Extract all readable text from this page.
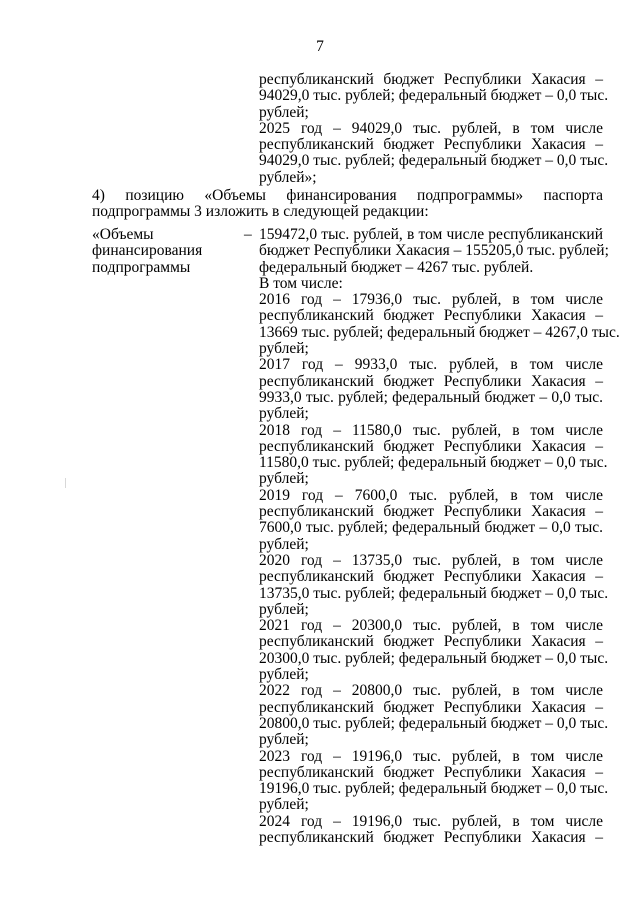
7
республиканский бюджет Республики Хакасия –
94029,0 тыс. рублей; федеральный бюджет – 0,0 тыс.
рублей;
2025 год – 94029,0 тыс. рублей, в том числе
республиканский бюджет Республики Хакасия –
94029,0 тыс. рублей; федеральный бюджет – 0,0 тыс.
рублей»;
4) позицию «Объемы финансирования подпрограммы» паспорта
подпрограммы 3 изложить в следующей редакции:
«Объемы
финансирования
подпрограммы
– 159472,0 тыс. рублей, в том числе республиканский
бюджет Республики Хакасия – 155205,0 тыс. рублей;
федеральный бюджет – 4267 тыс. рублей.
В том числе:
2016 год – 17936,0 тыс. рублей, в том числе
республиканский бюджет Республики Хакасия –
13669 тыс. рублей; федеральный бюджет – 4267,0 тыс.
рублей;
2017 год – 9933,0 тыс. рублей, в том числе
республиканский бюджет Республики Хакасия –
9933,0 тыс. рублей; федеральный бюджет – 0,0 тыс.
рублей;
2018 год – 11580,0 тыс. рублей, в том числе
республиканский бюджет Республики Хакасия –
11580,0 тыс. рублей; федеральный бюджет – 0,0 тыс.
рублей;
2019 год – 7600,0 тыс. рублей, в том числе
республиканский бюджет Республики Хакасия –
7600,0 тыс. рублей; федеральный бюджет – 0,0 тыс.
рублей;
2020 год – 13735,0 тыс. рублей, в том числе
республиканский бюджет Республики Хакасия –
13735,0 тыс. рублей; федеральный бюджет – 0,0 тыс.
рублей;
2021 год – 20300,0 тыс. рублей, в том числе
республиканский бюджет Республики Хакасия –
20300,0 тыс. рублей; федеральный бюджет – 0,0 тыс.
рублей;
2022 год – 20800,0 тыс. рублей, в том числе
республиканский бюджет Республики Хакасия –
20800,0 тыс. рублей; федеральный бюджет – 0,0 тыс.
рублей;
2023 год – 19196,0 тыс. рублей, в том числе
республиканский бюджет Республики Хакасия –
19196,0 тыс. рублей; федеральный бюджет – 0,0 тыс.
рублей;
2024 год – 19196,0 тыс. рублей, в том числе
республиканский бюджет Республики Хакасия –
